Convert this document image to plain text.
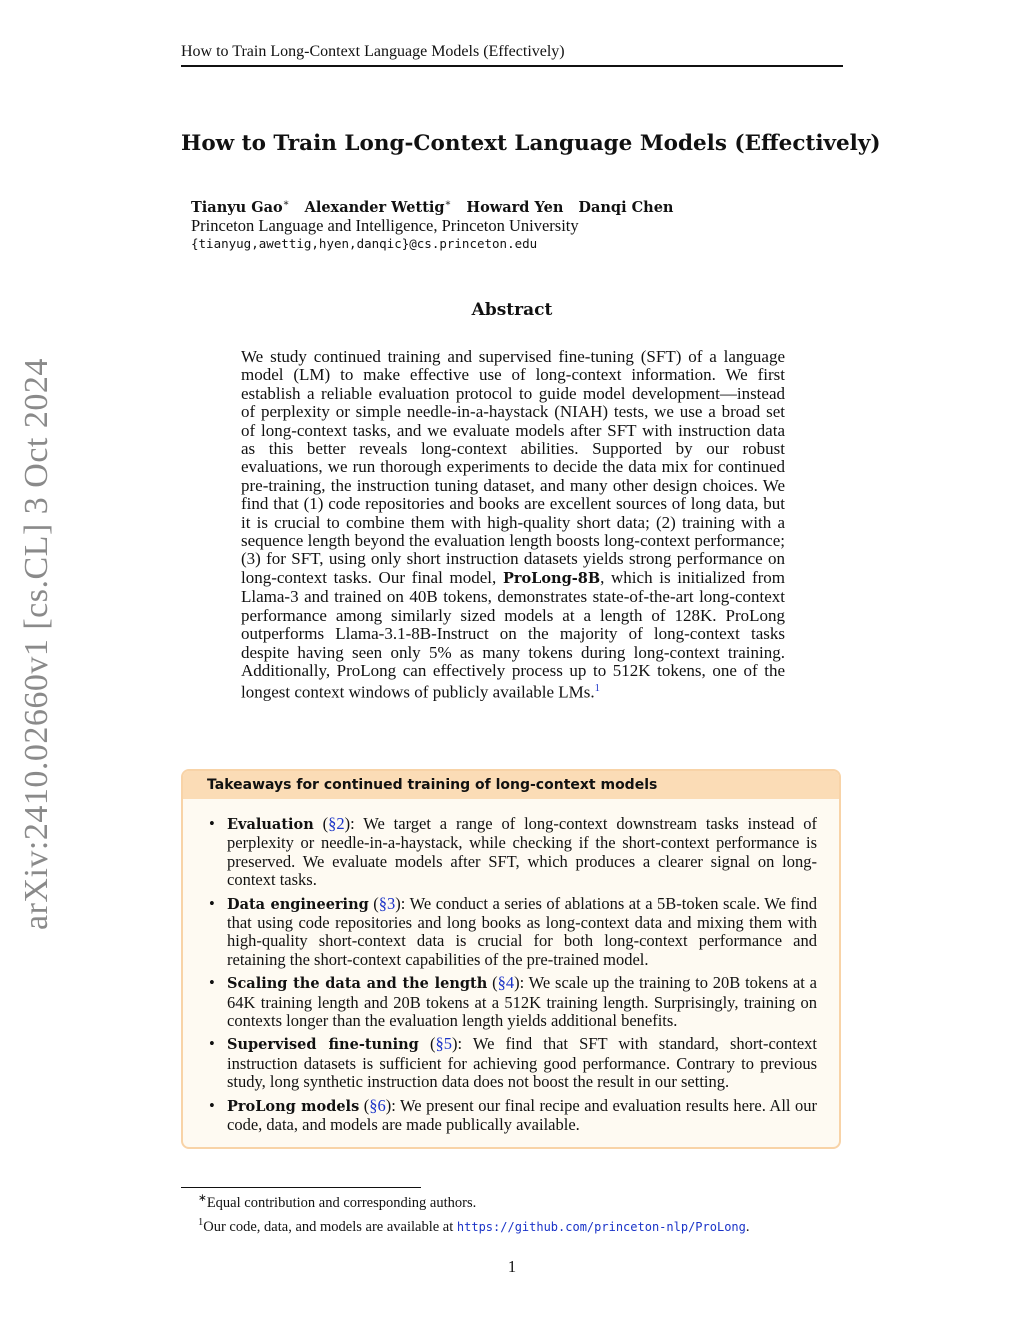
How to Train Long-Context Language Models (Effectively)
arXiv:2410.02660v1 [cs.CL] 3 Oct 2024
How to Train Long-Context Language Models (Effectively)
Tianyu Gao∗ Alexander Wettig∗ Howard Yen Danqi Chen
Princeton Language and Intelligence, Princeton University
{tianyug,awettig,hyen,danqic}@cs.princeton.edu
Abstract
We study continued training and supervised fine-tuning (SFT) of a language model (LM) to make effective use of long-context information. We first establish a reliable evaluation protocol to guide model development—instead of perplexity or simple needle-in-a-haystack (NIAH) tests, we use a broad set of long-context tasks, and we evaluate models after SFT with instruction data as this better reveals long-context abilities. Supported by our robust evaluations, we run thorough experiments to decide the data mix for continued pre-training, the instruction tuning dataset, and many other design choices. We find that (1) code repositories and books are excellent sources of long data, but it is crucial to combine them with high-quality short data; (2) training with a sequence length beyond the evaluation length boosts long-context performance; (3) for SFT, using only short instruction datasets yields strong performance on long-context tasks. Our final model, ProLong-8B, which is initialized from Llama-3 and trained on 40B tokens, demonstrates state-of-the-art long-context performance among similarly sized models at a length of 128K. ProLong outperforms Llama-3.1-8B-Instruct on the majority of long-context tasks despite having seen only 5% as many tokens during long-context training. Additionally, ProLong can effectively process up to 512K tokens, one of the longest context windows of publicly available LMs.$^1$
Takeaways for continued training of long-context models
• Evaluation (§2): We target a range of long-context downstream tasks instead of perplexity or needle-in-a-haystack, while checking if the short-context performance is preserved. We evaluate models after SFT, which produces a clearer signal on long-context tasks.
• Data engineering (§3): We conduct a series of ablations at a 5B-token scale. We find that using code repositories and long books as long-context data and mixing them with high-quality short-context data is crucial for both long-context performance and retaining the short-context capabilities of the pre-trained model.
• Scaling the data and the length (§4): We scale up the training to 20B tokens at a 64K training length and 20B tokens at a 512K training length. Surprisingly, training on contexts longer than the evaluation length yields additional benefits.
• Supervised fine-tuning (§5): We find that SFT with standard, short-context instruction datasets is sufficient for achieving good performance. Contrary to previous study, long synthetic instruction data does not boost the result in our setting.
• ProLong models (§6): We present our final recipe and evaluation results here. All our code, data, and models are made publically available.
∗Equal contribution and corresponding authors.
$^1$Our code, data, and models are available at https://github.com/princeton-nlp/ProLong.
1
